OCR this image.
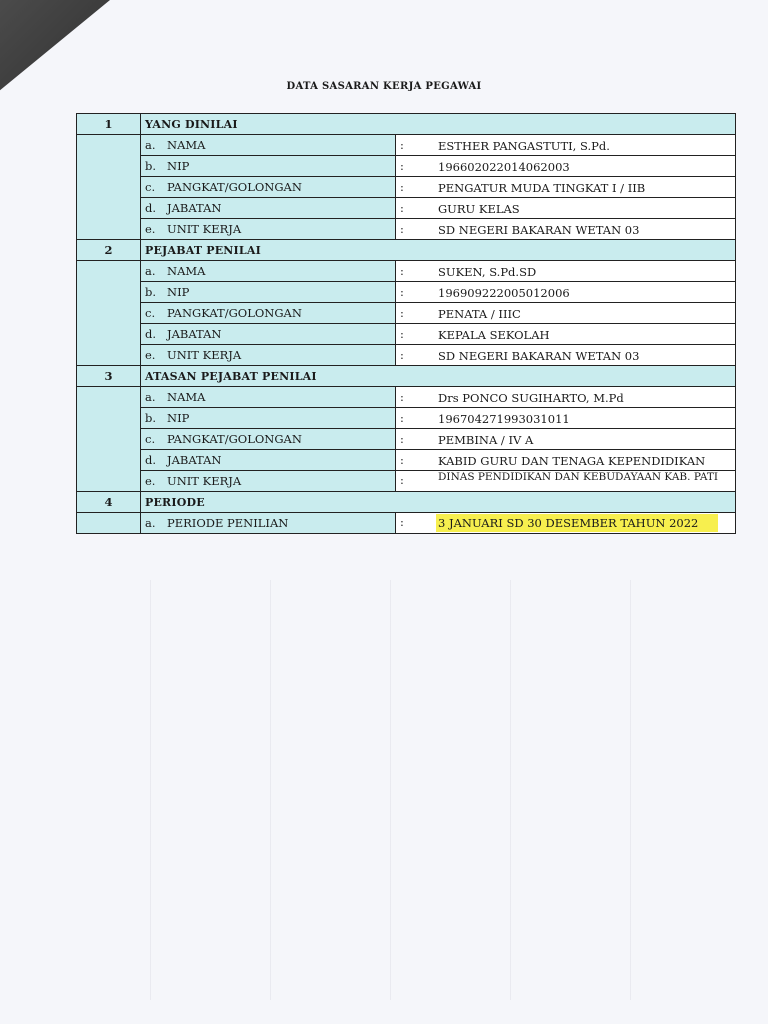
DATA SASARAN KERJA PEGAWAI
1	YANG DINILAI	
	a. NAMA	: ESTHER PANGASTUTI, S.Pd.
	b. NIP	: 196602022014062003
	c. PANGKAT/GOLONGAN	: PENGATUR MUDA TINGKAT I / IIB
	d. JABATAN	: GURU KELAS
	e. UNIT KERJA	: SD NEGERI BAKARAN WETAN 03
2	PEJABAT PENILAI	
	a. NAMA	: SUKEN, S.Pd.SD
	b. NIP	: 196909222005012006
	c. PANGKAT/GOLONGAN	: PENATA / IIIC
	d. JABATAN	: KEPALA SEKOLAH
	e. UNIT KERJA	: SD NEGERI BAKARAN WETAN 03
3	ATASAN PEJABAT PENILAI	
	a. NAMA	: Drs PONCO SUGIHARTO, M.Pd
	b. NIP	: 196704271993031011
	c. PANGKAT/GOLONGAN	: PEMBINA / IV A
	d. JABATAN	: KABID GURU DAN TENAGA KEPENDIDIKAN
	e. UNIT KERJA	: DINAS PENDIDIKAN DAN KEBUDAYAAN KAB. PATI
4	PERIODE	
	a. PERIODE PENILIAN	: 3 JANUARI SD 30 DESEMBER TAHUN 2022
